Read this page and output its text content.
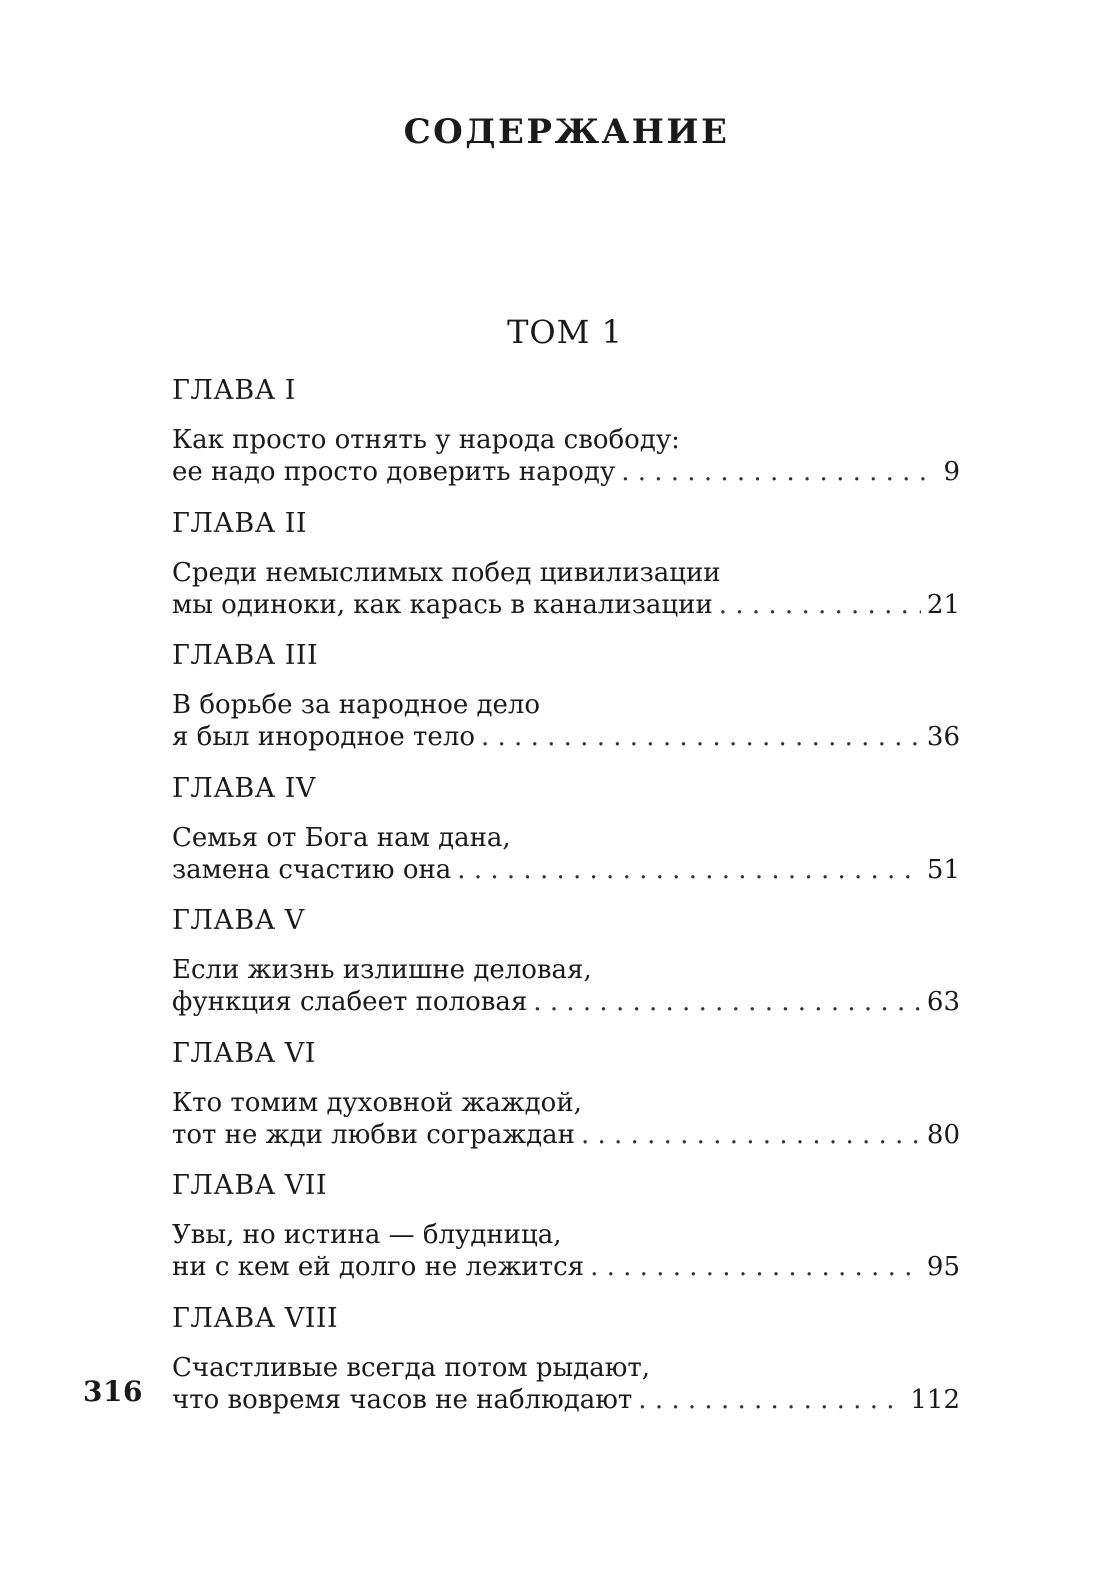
СОДЕРЖАНИЕ
ТОМ 1
ГЛАВА I
Как просто отнять у народа свободу:
ее надо просто доверить народу . . .	9
ГЛАВА II
Среди немыслимых побед цивилизации
мы одиноки, как карась в канализации . . .	21
ГЛАВА III
В борьбе за народное дело
я был инородное тело . . .	36
ГЛАВА IV
Семья от Бога нам дана,
замена счастию она . . .	51
ГЛАВА V
Если жизнь излишне деловая,
функция слабеет половая . . .	63
ГЛАВА VI
Кто томим духовной жаждой,
тот не жди любви сограждан . . .	80
ГЛАВА VII
Увы, но истина — блудница,
ни с кем ей долго не лежится . . .	95
ГЛАВА VIII
Счастливые всегда потом рыдают,
что вовремя часов не наблюдают . . .	112
316
